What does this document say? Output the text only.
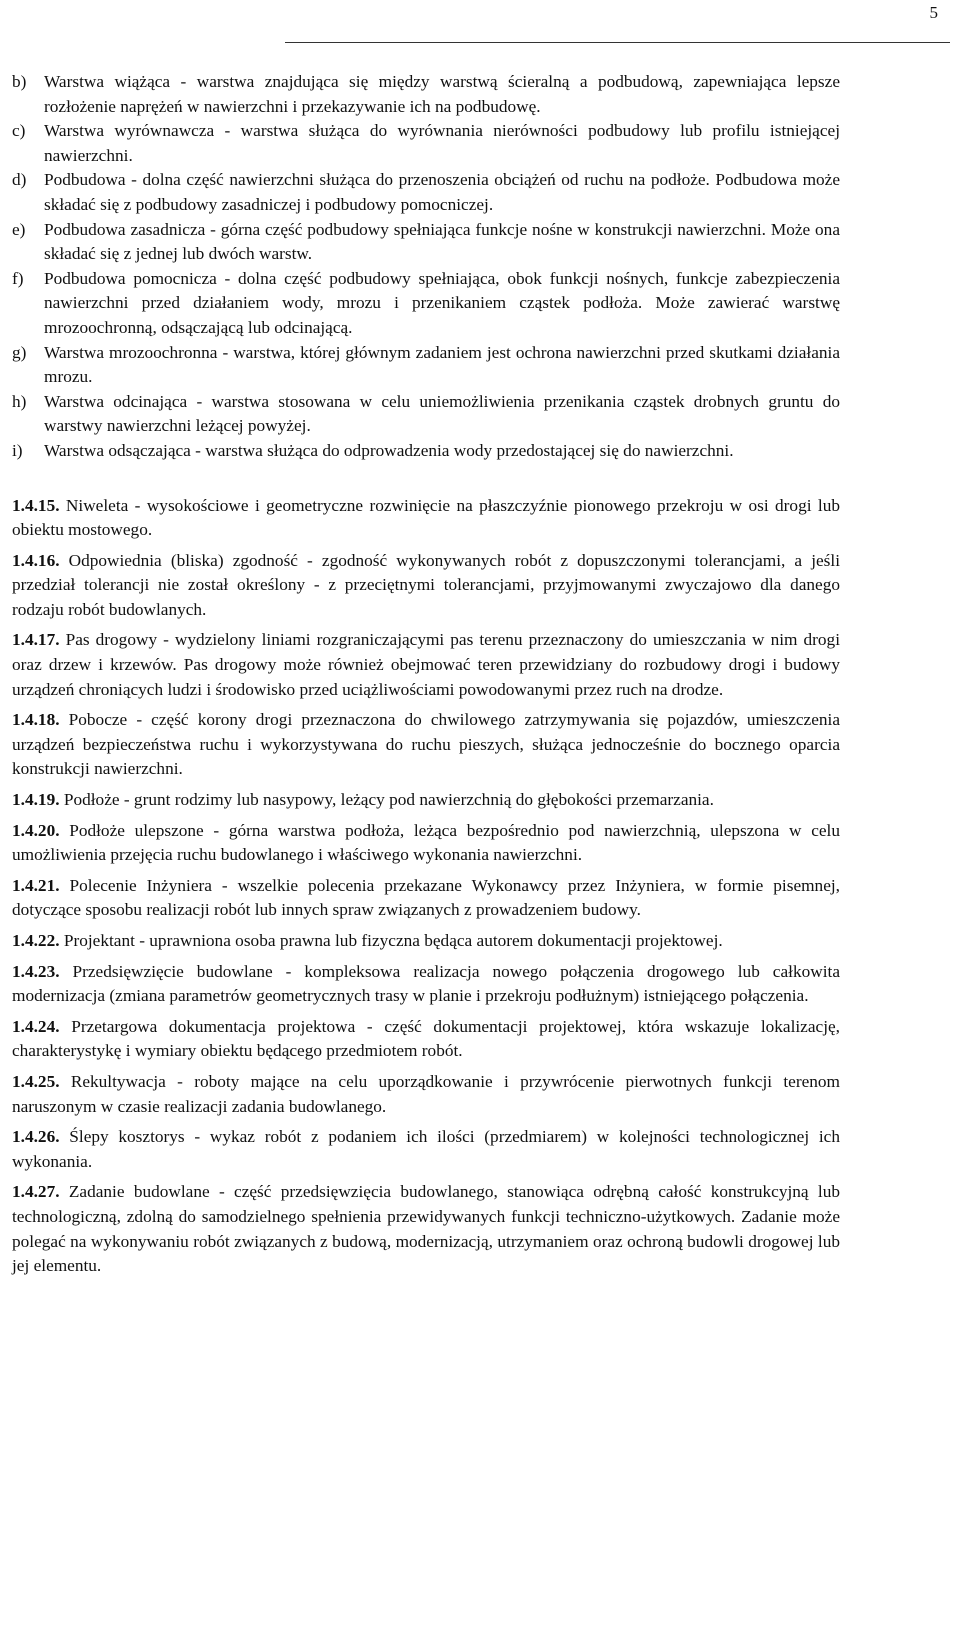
5
b)	Warstwa wiążąca - warstwa znajdująca się między warstwą ścieralną a podbudową, zapewniająca lepsze rozłożenie naprężeń w nawierzchni i przekazywanie ich na podbudowę.
c)	Warstwa wyrównawcza - warstwa służąca do wyrównania nierówności podbudowy lub profilu istniejącej nawierzchni.
d)	Podbudowa - dolna część nawierzchni służąca do przenoszenia obciążeń od ruchu na podłoże. Podbudowa może składać się z podbudowy zasadniczej i podbudowy pomocniczej.
e)	Podbudowa zasadnicza - górna część podbudowy spełniająca funkcje nośne w konstrukcji nawierzchni. Może ona składać się z jednej lub dwóch warstw.
f)	Podbudowa pomocnicza - dolna część podbudowy spełniająca, obok funkcji nośnych, funkcje zabezpieczenia nawierzchni przed działaniem wody, mrozu i przenikaniem cząstek podłoża. Może zawierać warstwę mrozoochronną, odsączającą lub odcinającą.
g)	Warstwa mrozoochronna - warstwa, której głównym zadaniem jest ochrona nawierzchni przed skutkami działania mrozu.
h)	Warstwa odcinająca - warstwa stosowana w celu uniemożliwienia przenikania cząstek drobnych gruntu do warstwy nawierzchni leżącej powyżej.
i)	Warstwa odsączająca - warstwa służąca do odprowadzenia wody przedostającej się do nawierzchni.

1.4.15. Niweleta - wysokościowe i geometryczne rozwinięcie na płaszczyźnie pionowego przekroju w osi drogi lub obiektu mostowego.

1.4.16. Odpowiednia (bliska) zgodność - zgodność wykonywanych robót z dopuszczonymi tolerancjami, a jeśli przedział tolerancji nie został określony - z przeciętnymi tolerancjami, przyjmowanymi zwyczajowo dla danego rodzaju robót budowlanych.

1.4.17. Pas drogowy - wydzielony liniami rozgraniczającymi pas terenu przeznaczony do umieszczania w nim drogi oraz drzew i krzewów. Pas drogowy może również obejmować teren przewidziany do rozbudowy drogi i budowy urządzeń chroniących ludzi i środowisko przed uciążliwościami powodowanymi przez ruch na drodze.

1.4.18. Pobocze - część korony drogi przeznaczona do chwilowego zatrzymywania się pojazdów, umieszczenia urządzeń bezpieczeństwa ruchu i wykorzystywana do ruchu pieszych, służąca jednocześnie do bocznego oparcia konstrukcji nawierzchni.

1.4.19. Podłoże - grunt rodzimy lub nasypowy, leżący pod nawierzchnią do głębokości przemarzania.

1.4.20. Podłoże ulepszone - górna warstwa podłoża, leżąca bezpośrednio pod nawierzchnią, ulepszona w celu umożliwienia przejęcia ruchu budowlanego i właściwego wykonania nawierzchni.

1.4.21. Polecenie Inżyniera - wszelkie polecenia przekazane Wykonawcy przez Inżyniera, w formie pisemnej, dotyczące sposobu realizacji robót lub innych spraw związanych z prowadzeniem budowy.

1.4.22. Projektant - uprawniona osoba prawna lub fizyczna będąca autorem dokumentacji projektowej.

1.4.23. Przedsięwzięcie budowlane - kompleksowa realizacja nowego połączenia drogowego lub całkowita modernizacja (zmiana parametrów geometrycznych trasy w planie i przekroju podłużnym) istniejącego połączenia.

1.4.24. Przetargowa dokumentacja projektowa - część dokumentacji projektowej, która wskazuje lokalizację, charakterystykę i wymiary obiektu będącego przedmiotem robót.

1.4.25. Rekultywacja - roboty mające na celu uporządkowanie i przywrócenie pierwotnych funkcji terenom naruszonym w czasie realizacji zadania budowlanego.

1.4.26. Ślepy kosztorys - wykaz robót z podaniem ich ilości (przedmiarem) w kolejności technologicznej ich wykonania.

1.4.27. Zadanie budowlane - część przedsięwzięcia budowlanego, stanowiąca odrębną całość konstrukcyjną lub technologiczną, zdolną do samodzielnego spełnienia przewidywanych funkcji techniczno-użytkowych. Zadanie może polegać na wykonywaniu robót związanych z budową, modernizacją, utrzymaniem oraz ochroną budowli drogowej lub jej elementu.
